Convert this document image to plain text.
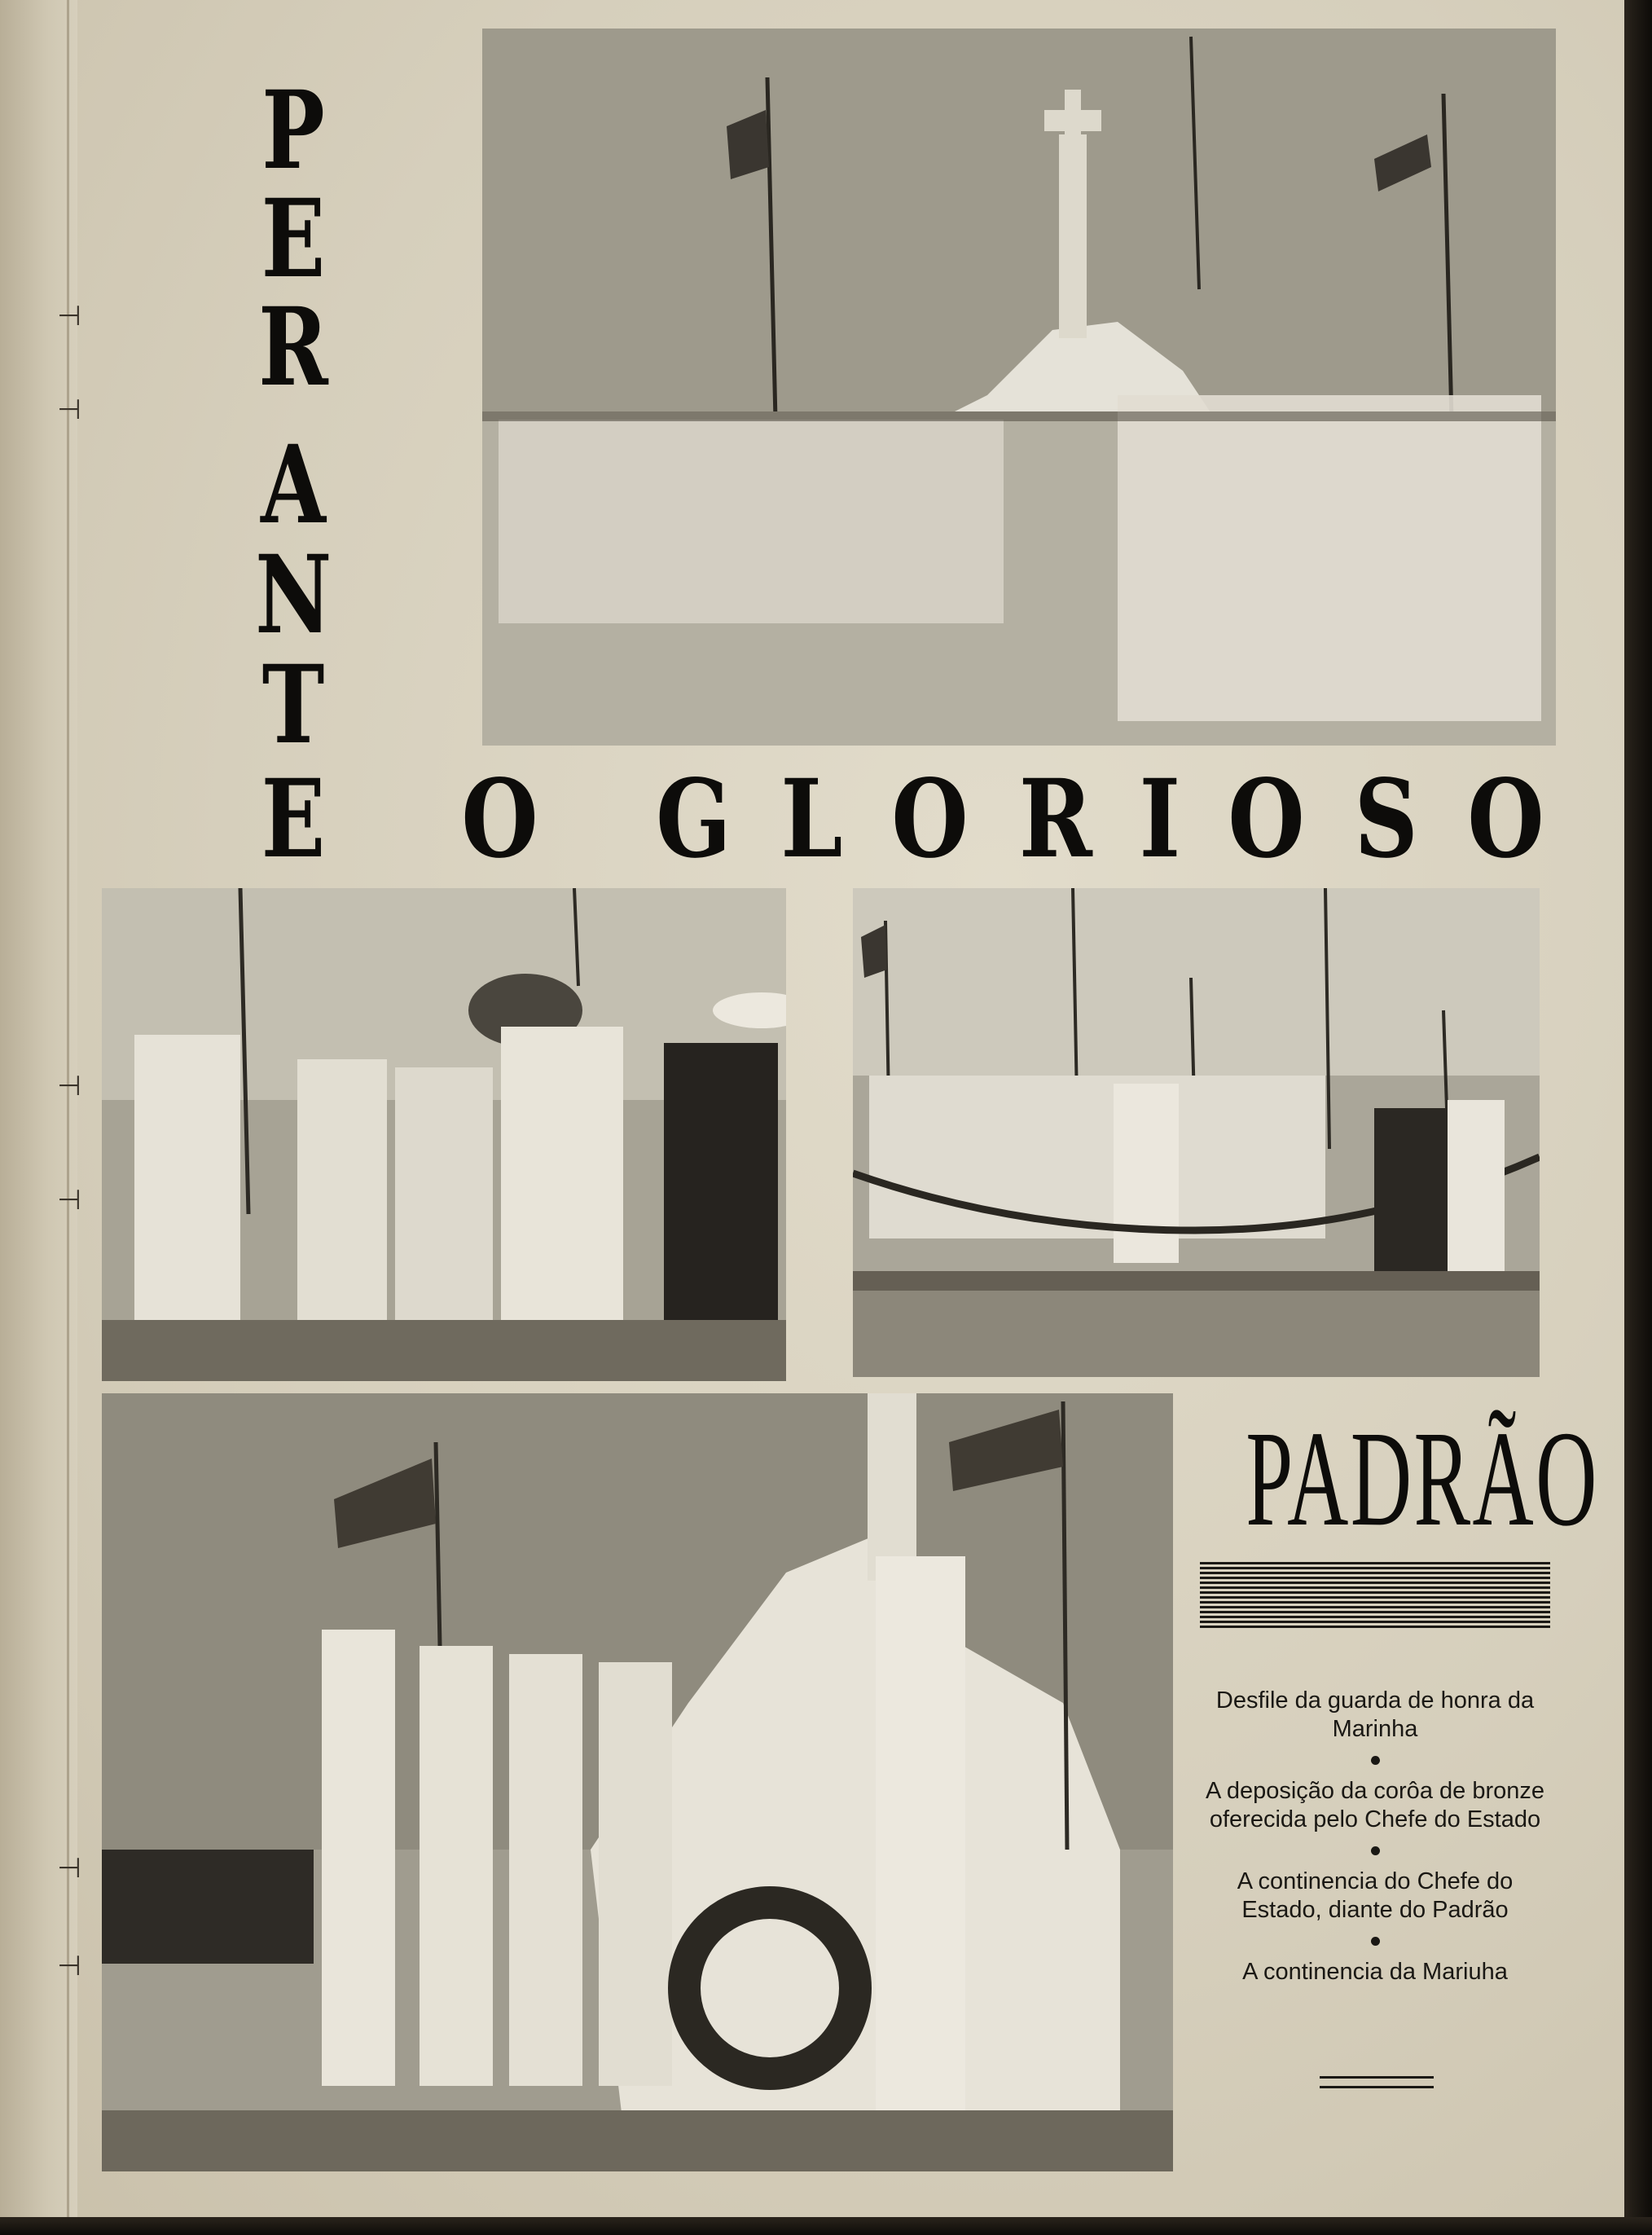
⊣
⊣
⊣
⊣
⊣
⊣
P
E
R
A
N
T
E O G L O R I O S O
PADRÃO

Desfile da guarda de honra da Marinha

A deposição da corôa de bronze oferecida pelo Chefe do Estado

A continencia do Chefe do Estado, diante do Padrão

A continencia da Mariuha
